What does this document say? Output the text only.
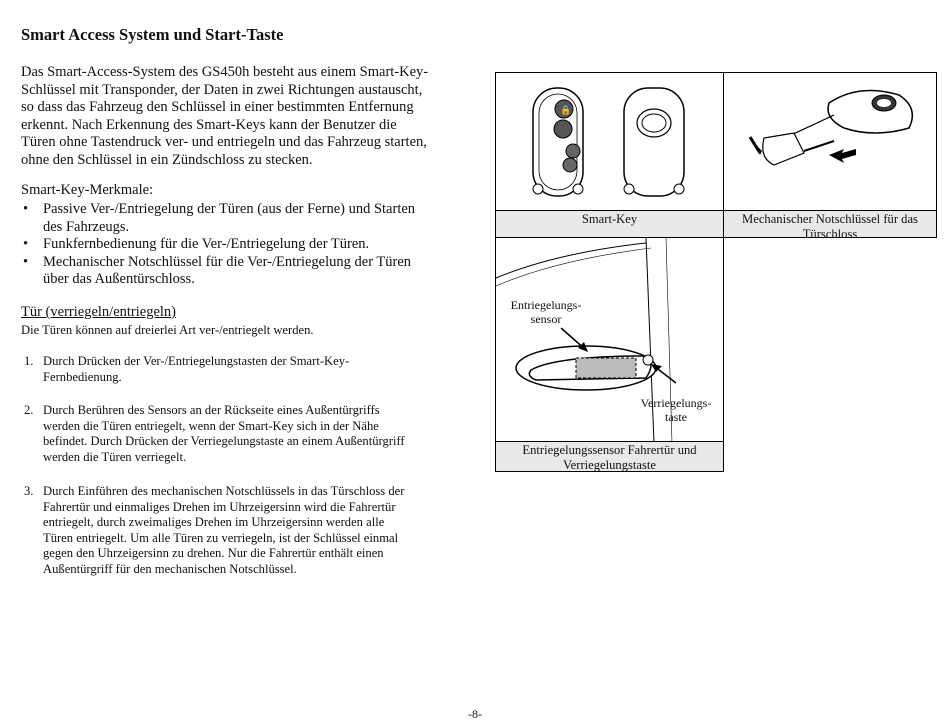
Smart Access System und Start-Taste
Das Smart-Access-System des GS450h besteht aus einem Smart-Key-
Schlüssel mit Transponder, der Daten in zwei Richtungen austauscht,
so dass das Fahrzeug den Schlüssel in einer bestimmten Entfernung
erkennt. Nach Erkennung des Smart-Keys kann der Benutzer die
Türen ohne Tastendruck ver- und entriegeln und das Fahrzeug starten,
ohne den Schlüssel in ein Zündschloss zu stecken.
Smart-Key-Merkmale:
• Passive Ver-/Entriegelung der Türen (aus der Ferne) und Starten
des Fahrzeugs.
• Funkfernbedienung für die Ver-/Entriegelung der Türen.
• Mechanischer Notschlüssel für die Ver-/Entriegelung der Türen
über das Außentürschloss.
Tür (verriegeln/entriegeln)
Die Türen können auf dreierlei Art ver-/entriegelt werden.
1. Durch Drücken der Ver-/Entriegelungstasten der Smart-Key-
Fernbedienung.
2. Durch Berühren des Sensors an der Rückseite eines Außentürgriffs
werden die Türen entriegelt, wenn der Smart-Key sich in der Nähe
befindet. Durch Drücken der Verriegelungstaste an einem Außentürgriff
werden die Türen verriegelt.
3. Durch Einführen des mechanischen Notschlüssels in das Türschloss der
Fahrertür und einmaliges Drehen im Uhrzeigersinn wird die Fahrertür
entriegelt, durch zweimaliges Drehen im Uhrzeigersinn werden alle
Türen entriegelt. Um alle Türen zu verriegeln, ist der Schlüssel einmal
gegen den Uhrzeigersinn zu drehen. Nur die Fahrertür enthält einen
Außentürgriff für den mechanischen Notschlüssel.
🔒
Smart-Key	Mechanischer Notschlüssel für das
Türschloss
Entriegelungs-
sensor
Verriegelungs-
taste
Entriegelungssensor Fahrertür und
Verriegelungstaste
-8-
